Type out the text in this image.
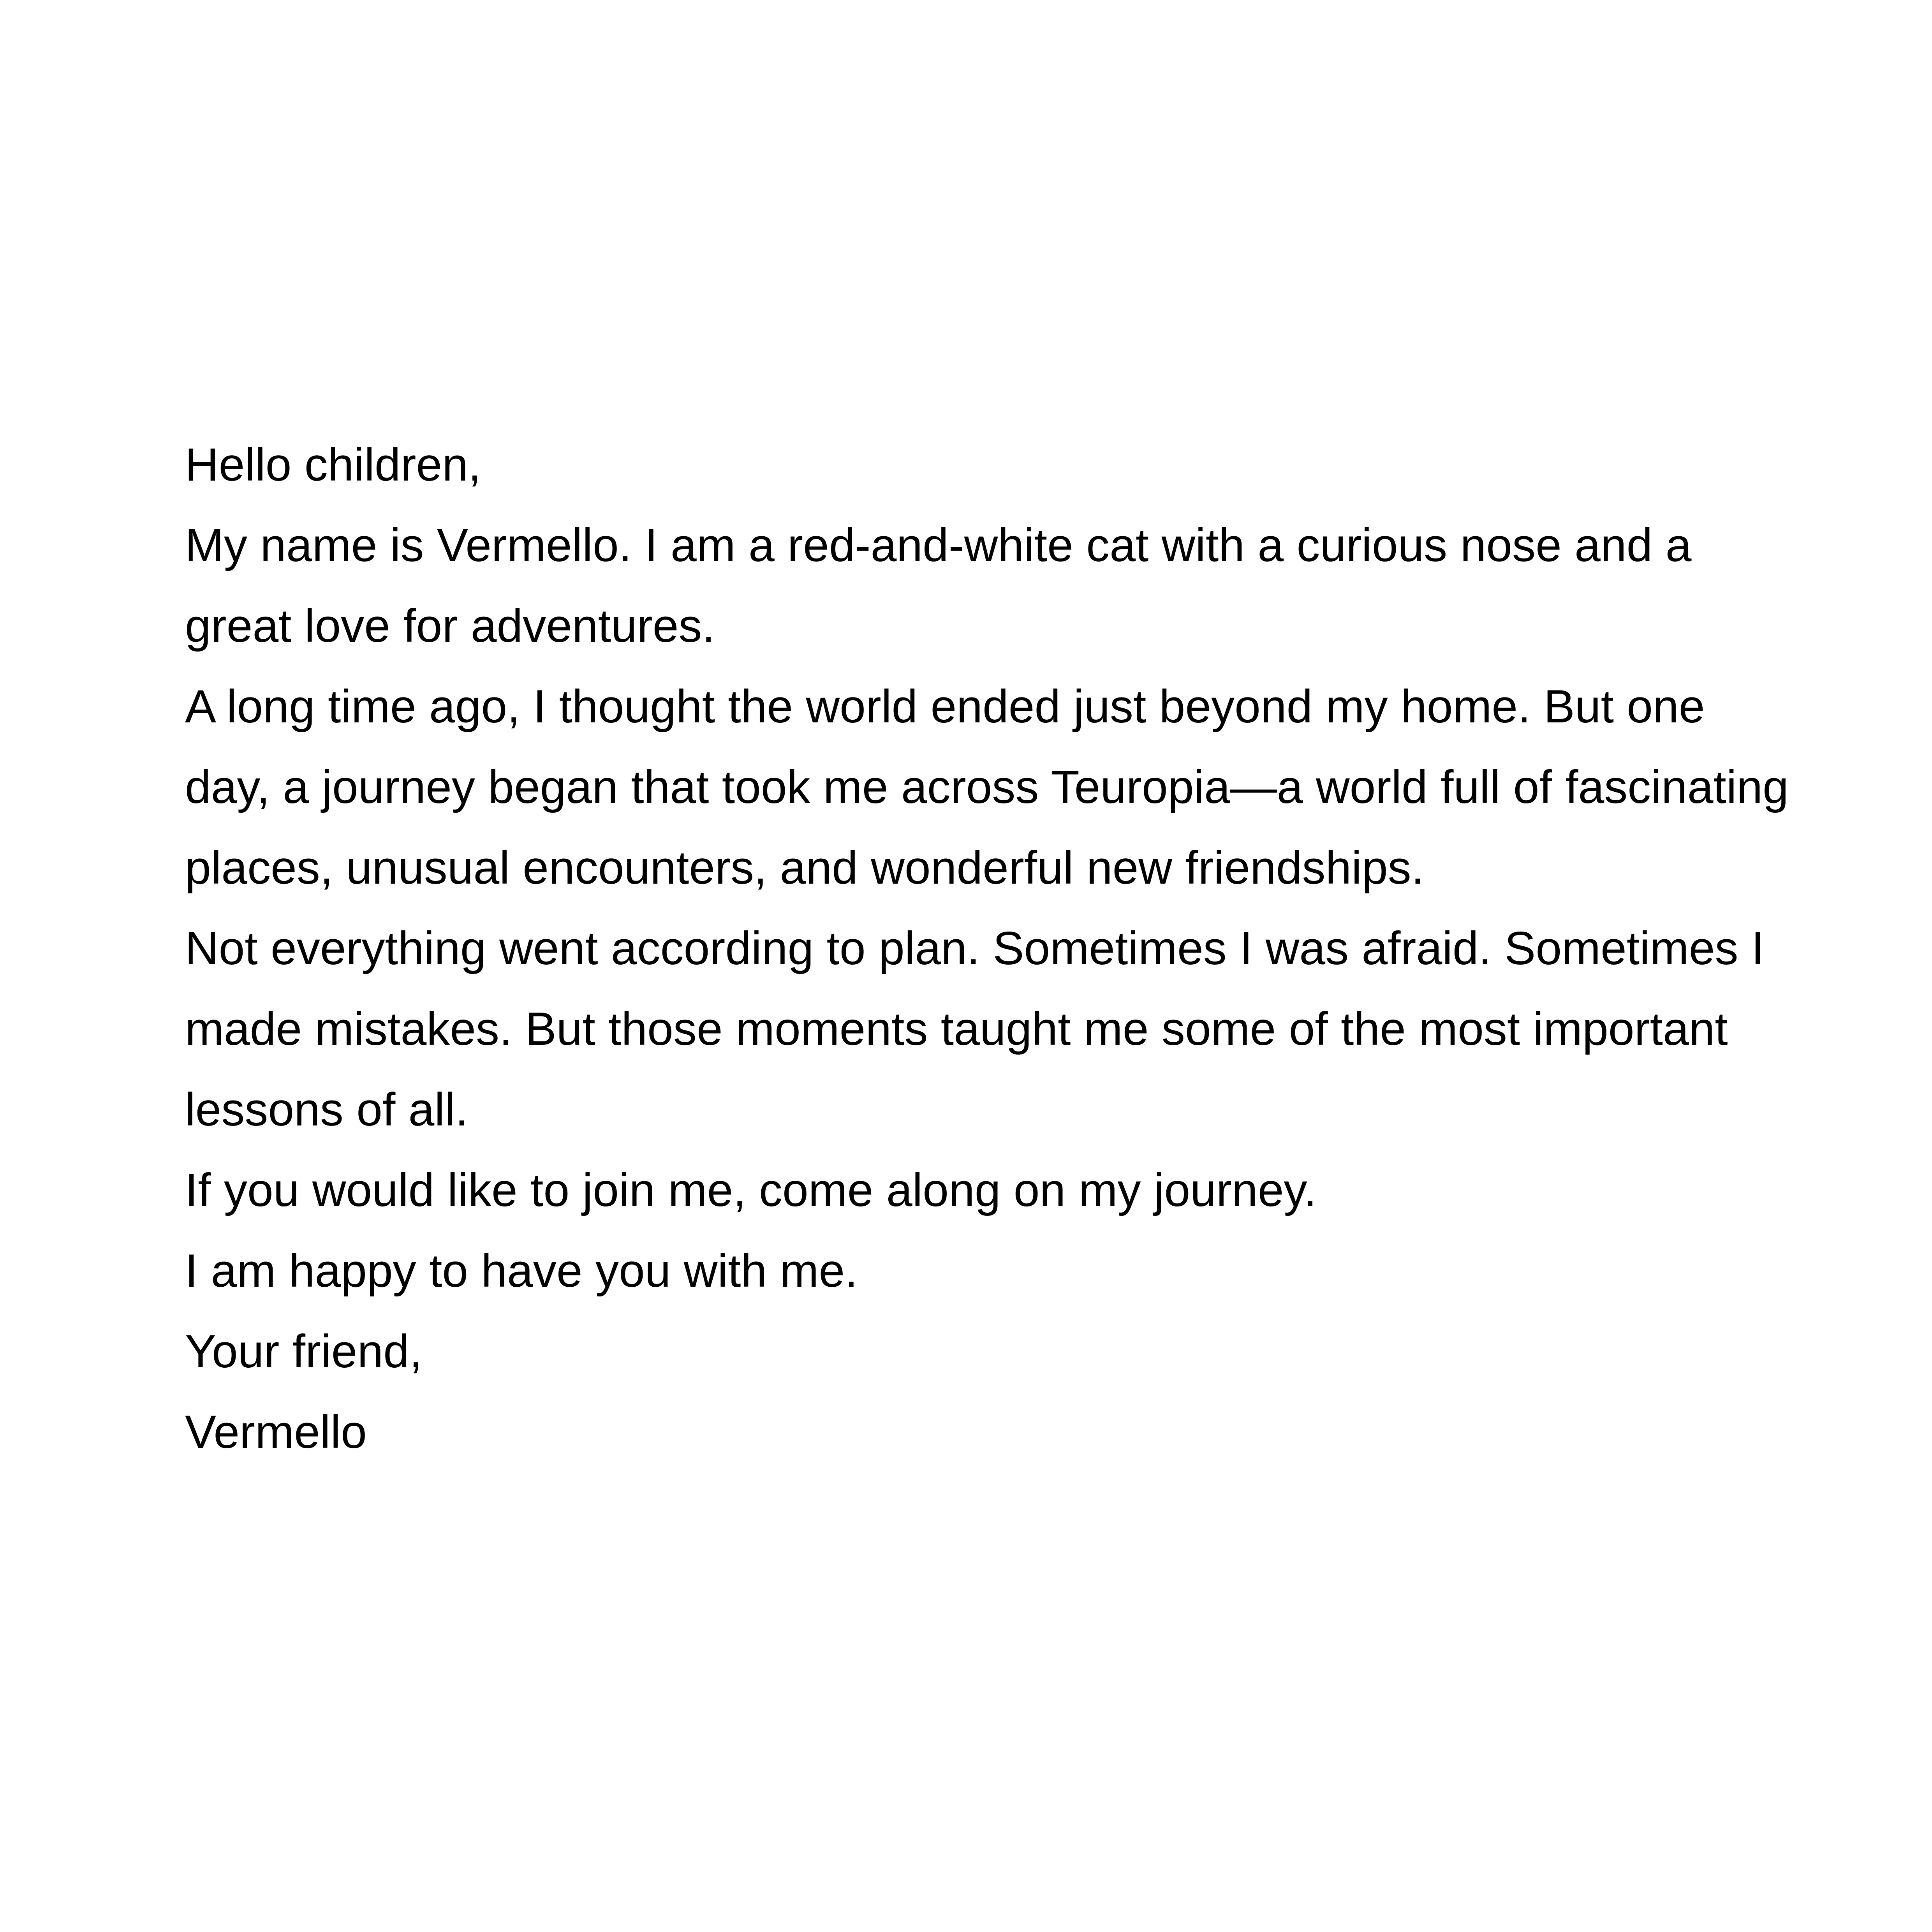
Hello children,

My name is Vermello. I am a red-and-white cat with a curious nose and a great love for adventures.

A long time ago, I thought the world ended just beyond my home. But one day, a journey began that took me across Teuropia—a world full of fascinating places, unusual encounters, and wonderful new friendships.

Not everything went according to plan. Sometimes I was afraid. Sometimes I made mistakes. But those moments taught me some of the most important lessons of all.

If you would like to join me, come along on my journey.

I am happy to have you with me.

Your friend,

Vermello
